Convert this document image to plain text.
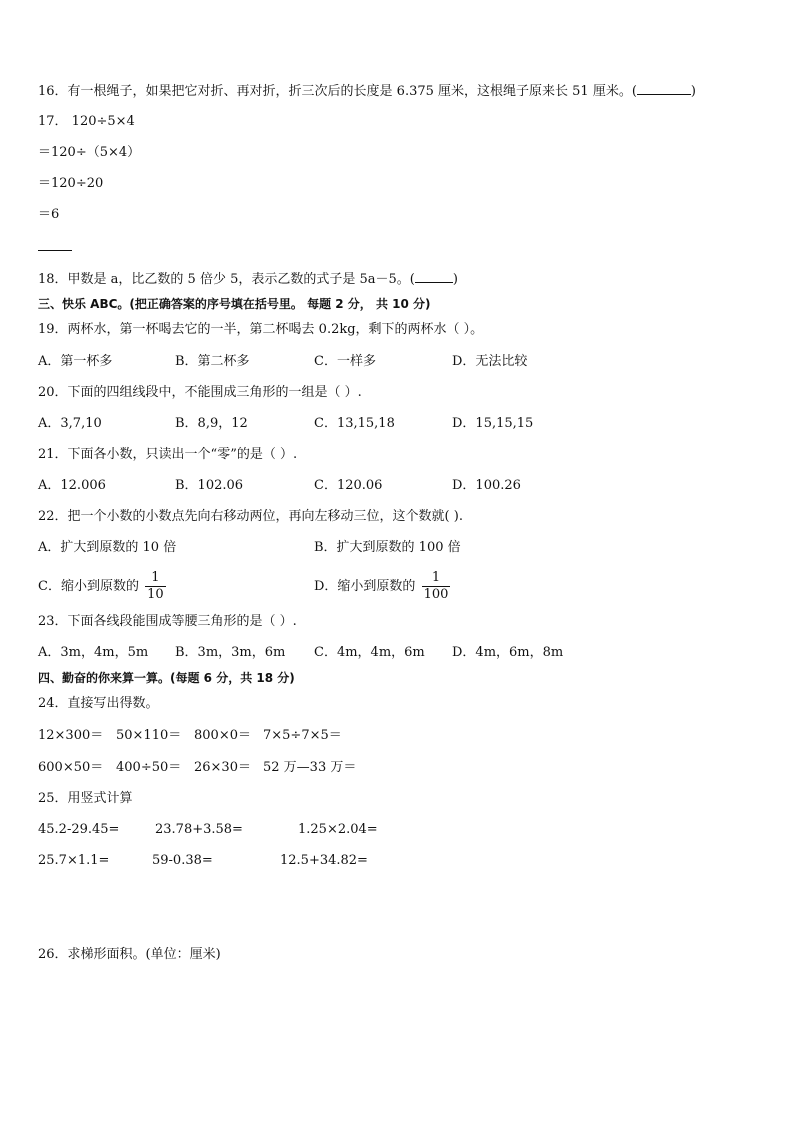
16．有一根绳子，如果把它对折、再对折，折三次后的长度是 6.375 厘米，这根绳子原来长 51 厘米。(	)
17． 120÷5×4
＝120÷（5×4）
＝120÷20
＝6
18．甲数是 a，比乙数的 5 倍少 5，表示乙数的式子是 5a－5。(	)
三、快乐 ABC。(把正确答案的序号填在括号里。 每题 2 分， 共 10 分)
19．两杯水，第一杯喝去它的一半，第二杯喝去 0.2kg，剩下的两杯水（ ）。
A．第一杯多	B．第二杯多	C．一样多	D．无法比较
20．下面的四组线段中，不能围成三角形的一组是（ ）.
A．3,7,10	B．8,9，12	C．13,15,18	D．15,15,15
21．下面各小数，只读出一个“零”的是（ ）.
A．12.006	B．102.06	C．120.06	D．100.26
22．把一个小数的小数点先向右移动两位，再向左移动三位，这个数就( ).
A．扩大到原数的 10 倍	B．扩大到原数的 100 倍
C．缩小到原数的 $\frac{1}{10}$	D．缩小到原数的 $\frac{1}{100}$
23．下面各线段能围成等腰三角形的是（ ）.
A．3m，4m，5m B．3m，3m，6m C．4m，4m，6m D．4m，6m，8m
四、勤奋的你来算一算。(每题 6 分，共 18 分)
24．直接写出得数。
12×300＝ 50×110＝ 800×0＝ 7×5÷7×5＝
600×50＝ 400÷50＝ 26×30＝ 52 万—33 万＝
25．用竖式计算
45.2-29.45=	23.78+3.58=	1.25×2.04=
25.7×1.1=	59-0.38=	12.5+34.82=
26．求梯形面积。(单位：厘米)
